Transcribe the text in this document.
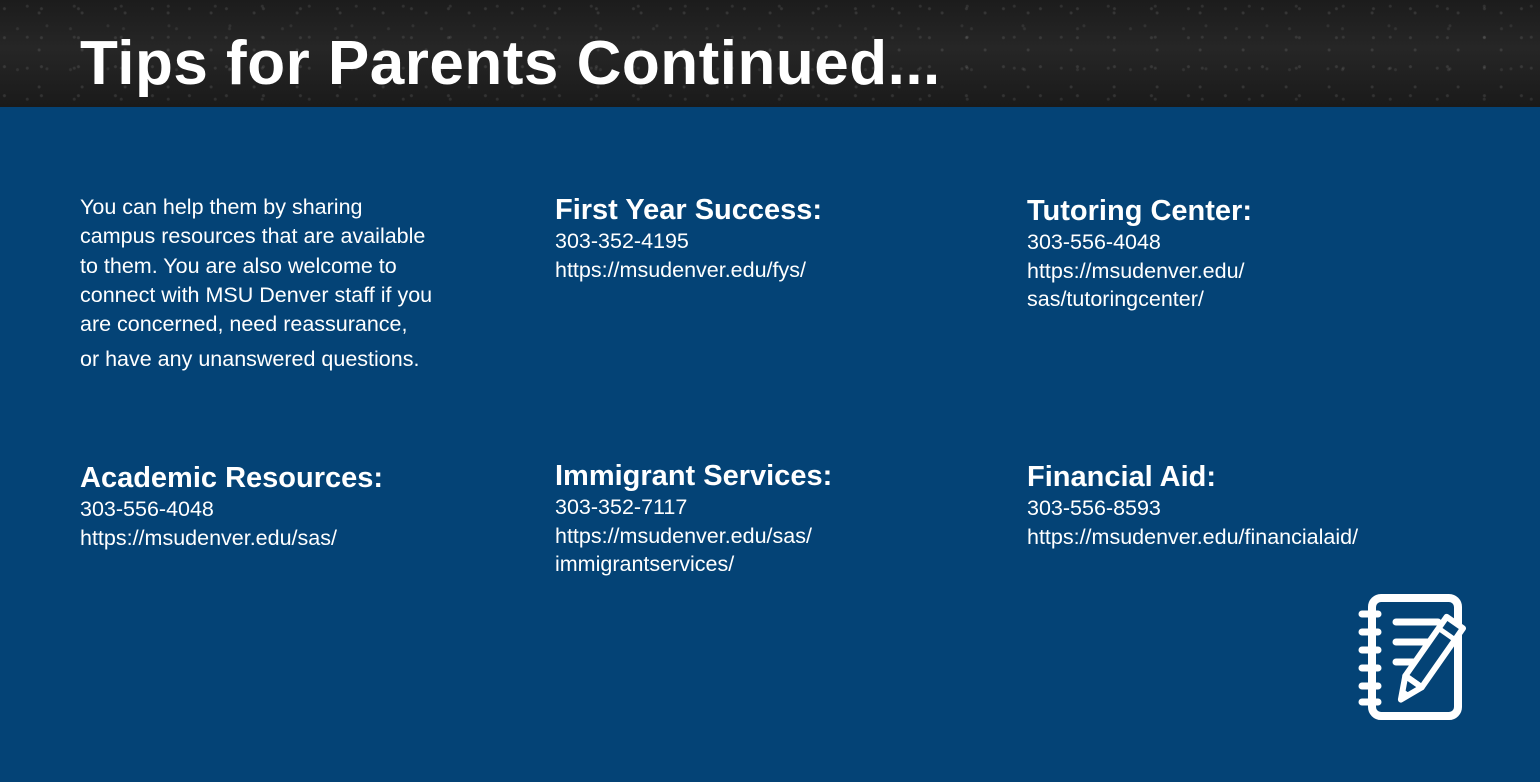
Tips for Parents Continued...
You can help them by sharing
campus resources that are available
to them. You are also welcome to
connect with MSU Denver staff if you
are concerned, need reassurance,
or have any unanswered questions.
First Year Success:
303-352-4195
https://msudenver.edu/fys/
Tutoring Center:
303-556-4048
https://msudenver.edu/
sas/tutoringcenter/
Academic Resources:
303-556-4048
https://msudenver.edu/sas/
Immigrant Services:
303-352-7117
https://msudenver.edu/sas/
immigrantservices/
Financial Aid:
303-556-8593
https://msudenver.edu/financialaid/
